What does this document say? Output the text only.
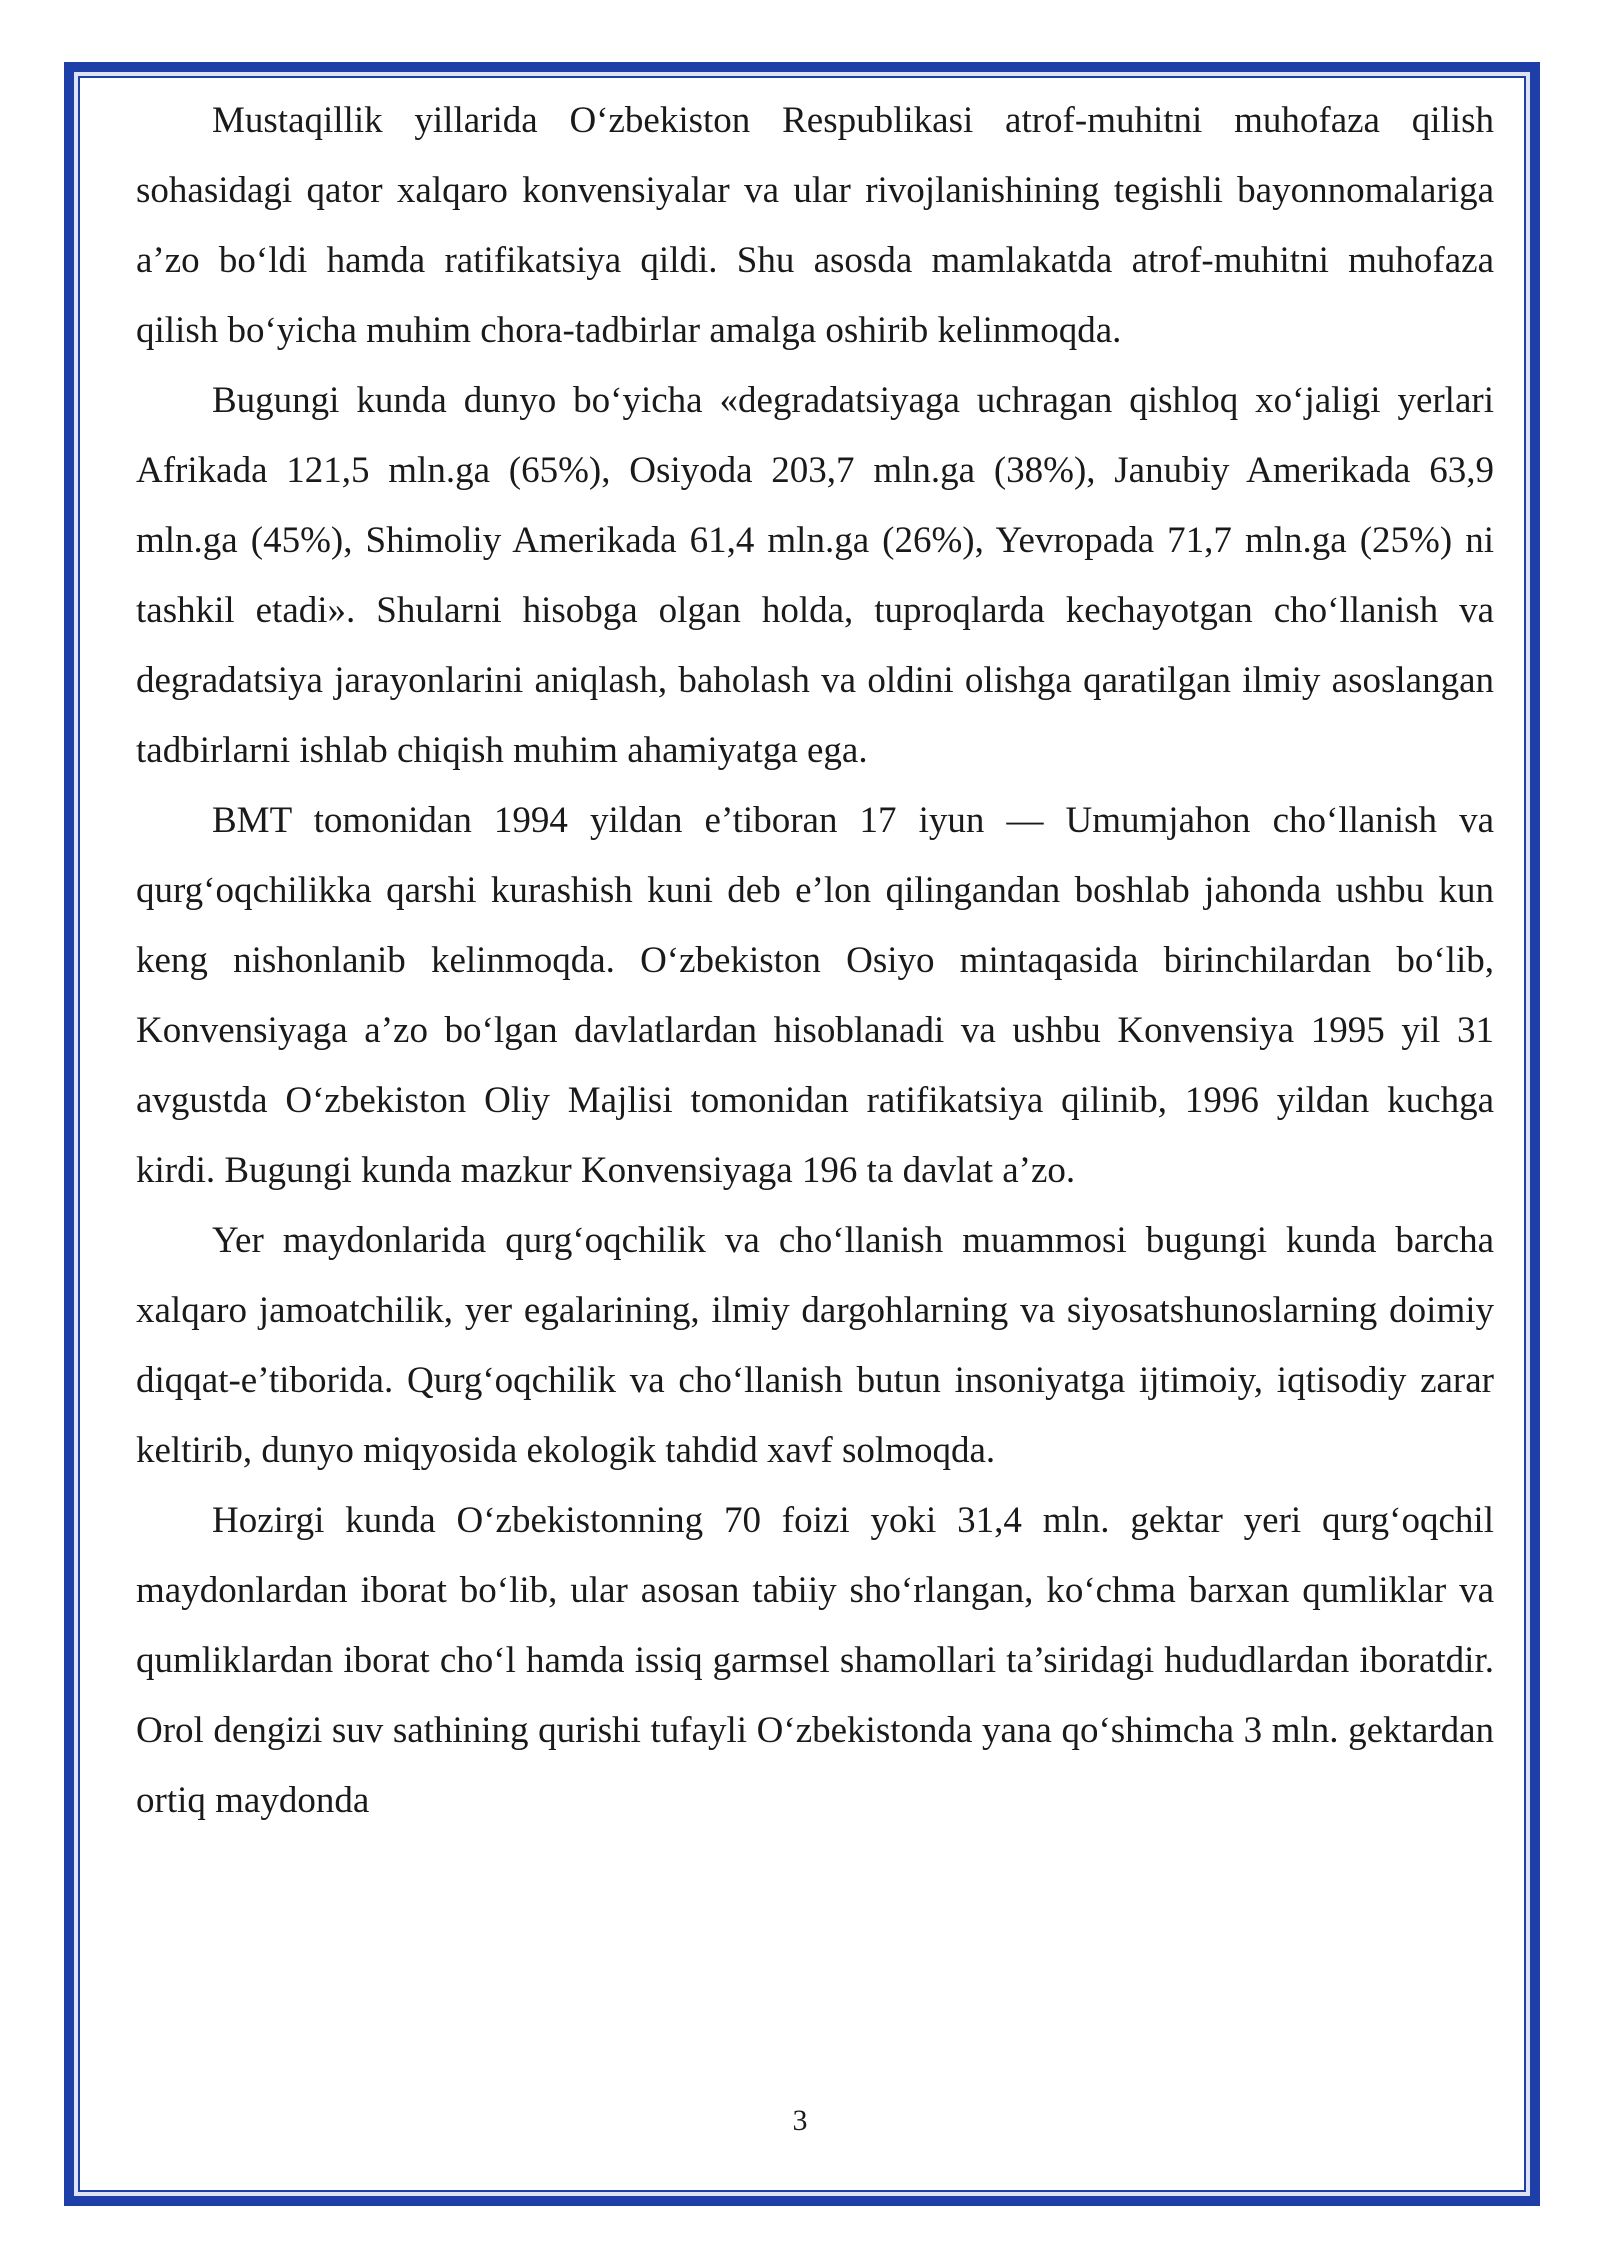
Mustaqillik yillarida O‘zbekiston Respublikasi atrof-muhitni muhofaza qilish sohasidagi qator xalqaro konvensiyalar va ular rivojlanishining tegishli bayonnomalariga a’zo bo‘ldi hamda ratifikatsiya qildi. Shu asosda mamlakatda atrof-muhitni muhofaza qilish bo‘yicha muhim chora-tadbirlar amalga oshirib kelinmoqda.

Bugungi kunda dunyo bo‘yicha «degradatsiyaga uchragan qishloq xo‘jaligi yerlari Afrikada 121,5 mln.ga (65%), Osiyoda 203,7 mln.ga (38%), Janubiy Amerikada 63,9 mln.ga (45%), Shimoliy Amerikada 61,4 mln.ga (26%), Yevropada 71,7 mln.ga (25%) ni tashkil etadi». Shularni hisobga olgan holda, tuproqlarda kechayotgan cho‘llanish va degradatsiya jarayonlarini aniqlash, baholash va oldini olishga qaratilgan ilmiy asoslangan tadbirlarni ishlab chiqish muhim ahamiyatga ega.

BMT tomonidan 1994 yildan e’tiboran 17 iyun — Umumjahon cho‘llanish va qurg‘oqchilikka qarshi kurashish kuni deb e’lon qilingandan boshlab jahonda ushbu kun keng nishonlanib kelinmoqda. O‘zbekiston Osiyo mintaqasida birinchilardan bo‘lib, Konvensiyaga a’zo bo‘lgan davlatlardan hisoblanadi va ushbu Konvensiya 1995 yil 31 avgustda O‘zbekiston Oliy Majlisi tomonidan ratifikatsiya qilinib, 1996 yildan kuchga kirdi. Bugungi kunda mazkur Konvensiyaga 196 ta davlat a’zo.

Yer maydonlarida qurg‘oqchilik va cho‘llanish muammosi bugungi kunda barcha xalqaro jamoatchilik, yer egalarining, ilmiy dargohlarning va siyosatshunoslarning doimiy diqqat-e’tiborida. Qurg‘oqchilik va cho‘llanish butun insoniyatga ijtimoiy, iqtisodiy zarar keltirib, dunyo miqyosida ekologik tahdid xavf solmoqda.

Hozirgi kunda O‘zbekistonning 70 foizi yoki 31,4 mln. gektar yeri qurg‘oqchil maydonlardan iborat bo‘lib, ular asosan tabiiy sho‘rlangan, ko‘chma barxan qumliklar va qumliklardan iborat cho‘l hamda issiq garmsel shamollari ta’siridagi hududlardan iboratdir. Orol dengizi suv sathining qurishi tufayli O‘zbekistonda yana qo‘shimcha 3 mln. gektardan ortiq maydonda

3
